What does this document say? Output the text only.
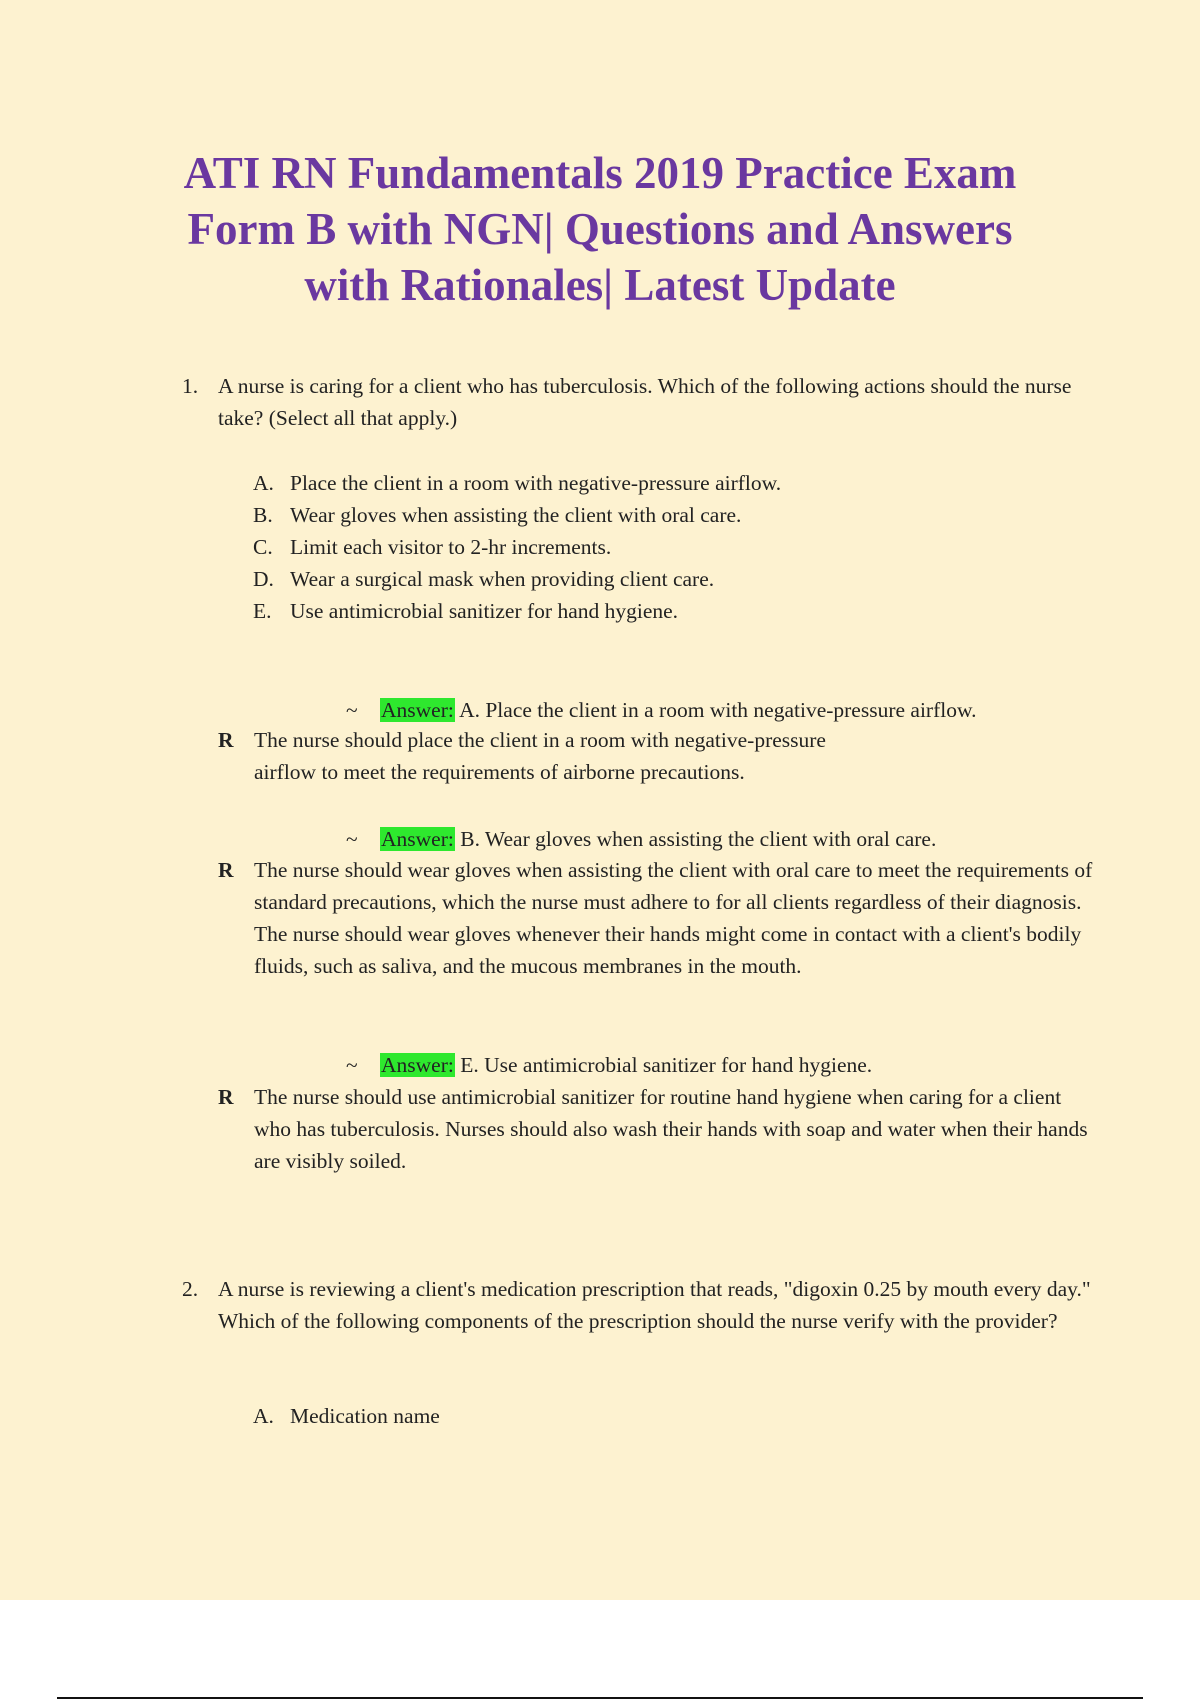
ATI RN Fundamentals 2019 Practice Exam Form B with NGN| Questions and Answers with Rationales| Latest Update
1. A nurse is caring for a client who has tuberculosis. Which of the following actions should the nurse take? (Select all that apply.)

A. Place the client in a room with negative-pressure airflow.
B. Wear gloves when assisting the client with oral care.
C. Limit each visitor to 2-hr increments.
D. Wear a surgical mask when providing client care.
E. Use antimicrobial sanitizer for hand hygiene.
~ Answer: A. Place the client in a room with negative-pressure airflow.
R The nurse should place the client in a room with negative-pressure airflow to meet the requirements of airborne precautions.

~ Answer: B. Wear gloves when assisting the client with oral care.
R The nurse should wear gloves when assisting the client with oral care to meet the requirements of standard precautions, which the nurse must adhere to for all clients regardless of their diagnosis. The nurse should wear gloves whenever their hands might come in contact with a client's bodily fluids, such as saliva, and the mucous membranes in the mouth.

~ Answer: E. Use antimicrobial sanitizer for hand hygiene.
R The nurse should use antimicrobial sanitizer for routine hand hygiene when caring for a client who has tuberculosis. Nurses should also wash their hands with soap and water when their hands are visibly soiled.

2. A nurse is reviewing a client's medication prescription that reads, "digoxin 0.25 by mouth every day." Which of the following components of the prescription should the nurse verify with the provider?

A. Medication name
